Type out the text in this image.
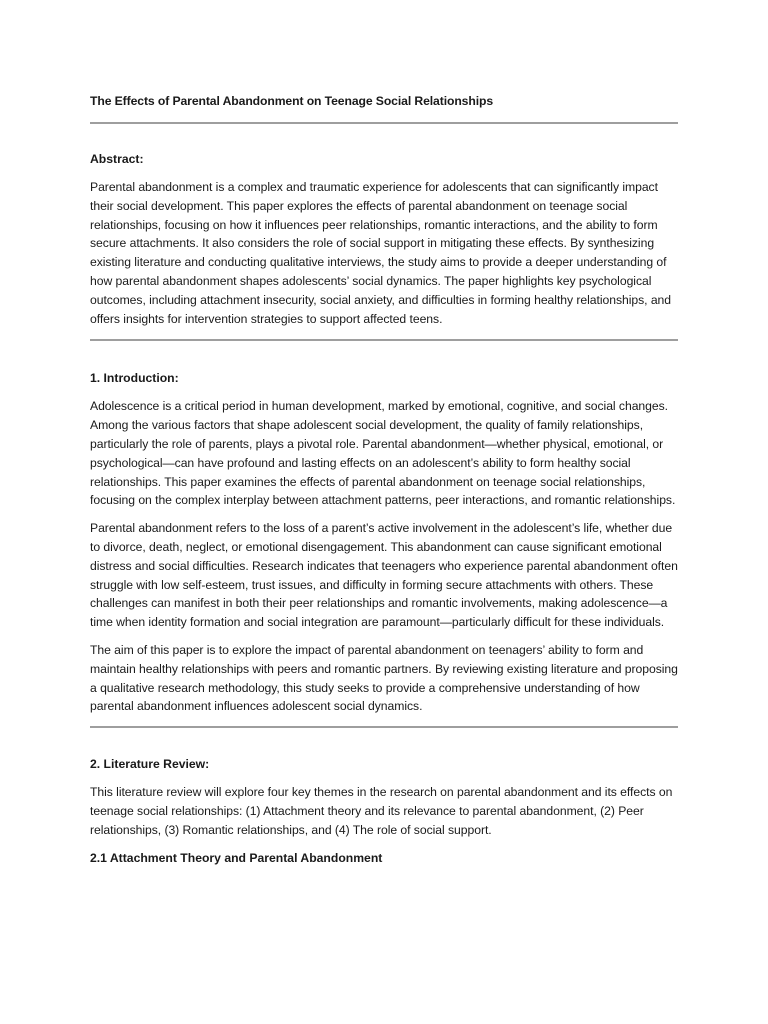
The Effects of Parental Abandonment on Teenage Social Relationships
Abstract:

Parental abandonment is a complex and traumatic experience for adolescents that can significantly impact their social development. This paper explores the effects of parental abandonment on teenage social relationships, focusing on how it influences peer relationships, romantic interactions, and the ability to form secure attachments. It also considers the role of social support in mitigating these effects. By synthesizing existing literature and conducting qualitative interviews, the study aims to provide a deeper understanding of how parental abandonment shapes adolescents’ social dynamics. The paper highlights key psychological outcomes, including attachment insecurity, social anxiety, and difficulties in forming healthy relationships, and offers insights for intervention strategies to support affected teens.

1. Introduction:

Adolescence is a critical period in human development, marked by emotional, cognitive, and social changes. Among the various factors that shape adolescent social development, the quality of family relationships, particularly the role of parents, plays a pivotal role. Parental abandonment—whether physical, emotional, or psychological—can have profound and lasting effects on an adolescent’s ability to form healthy social relationships. This paper examines the effects of parental abandonment on teenage social relationships, focusing on the complex interplay between attachment patterns, peer interactions, and romantic relationships.

Parental abandonment refers to the loss of a parent’s active involvement in the adolescent’s life, whether due to divorce, death, neglect, or emotional disengagement. This abandonment can cause significant emotional distress and social difficulties. Research indicates that teenagers who experience parental abandonment often struggle with low self-esteem, trust issues, and difficulty in forming secure attachments with others. These challenges can manifest in both their peer relationships and romantic involvements, making adolescence—a time when identity formation and social integration are paramount—particularly difficult for these individuals.

The aim of this paper is to explore the impact of parental abandonment on teenagers’ ability to form and maintain healthy relationships with peers and romantic partners. By reviewing existing literature and proposing a qualitative research methodology, this study seeks to provide a comprehensive understanding of how parental abandonment influences adolescent social dynamics.

2. Literature Review:

This literature review will explore four key themes in the research on parental abandonment and its effects on teenage social relationships: (1) Attachment theory and its relevance to parental abandonment, (2) Peer relationships, (3) Romantic relationships, and (4) The role of social support.

2.1 Attachment Theory and Parental Abandonment
